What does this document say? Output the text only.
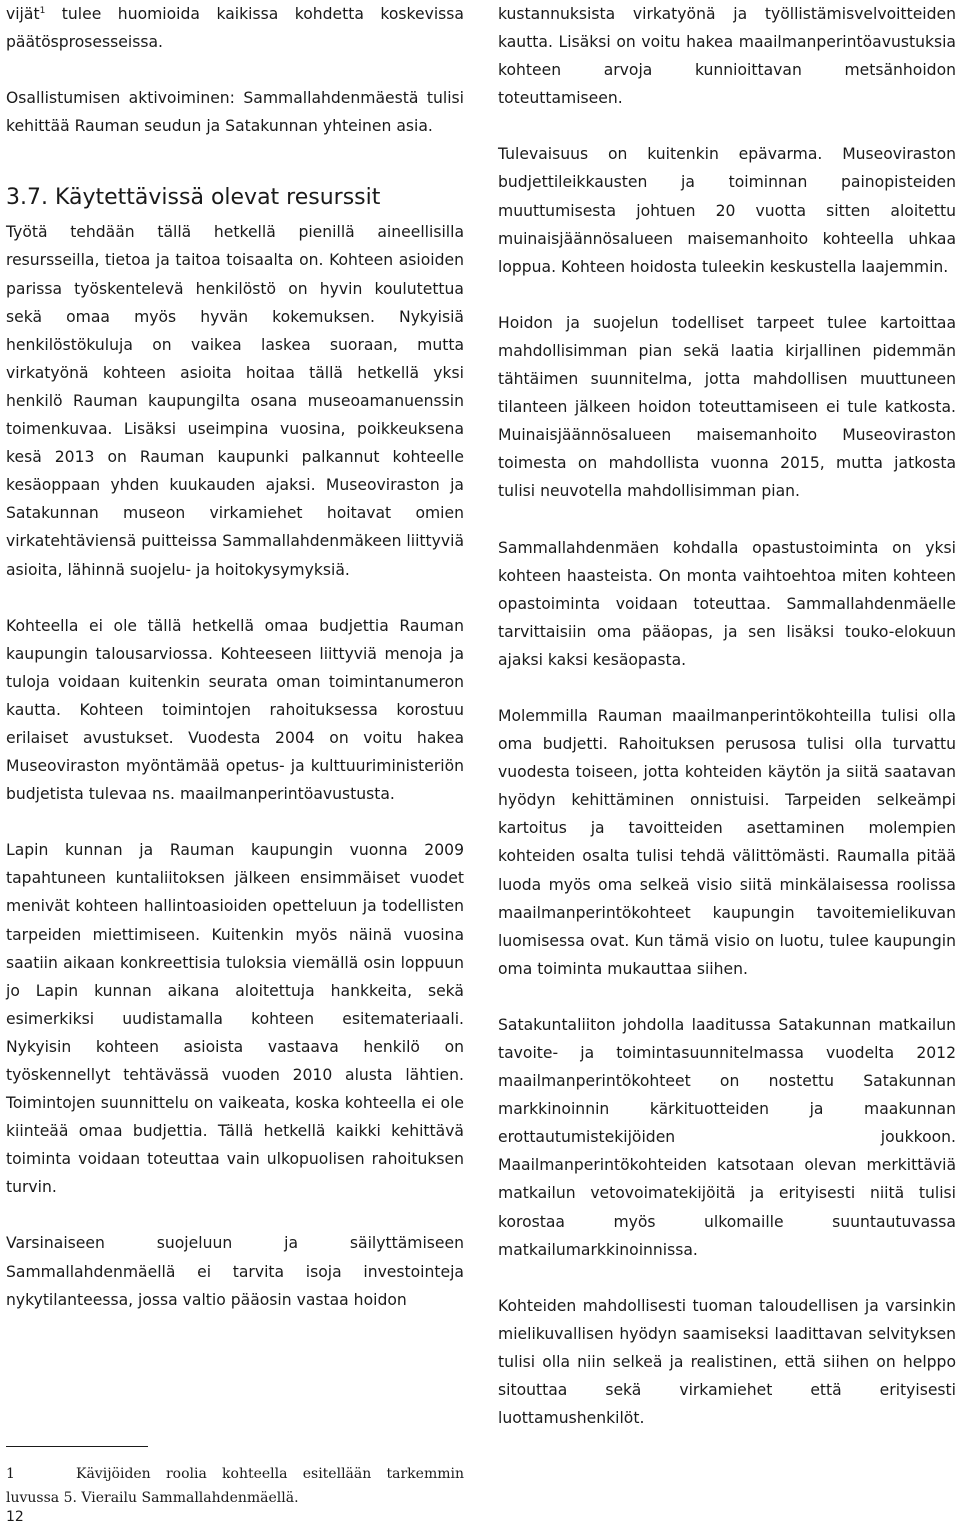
vijät$^1$ tulee huomioida kaikissa kohdetta koskevissa päätösprosesseissa.

Osallistumisen aktivoiminen: Sammallahdenmäestä tulisi kehittää Rauman seudun ja Satakunnan yhteinen asia.

3.7. Käytettävissä olevat resurssit

Työtä tehdään tällä hetkellä pienillä aineellisilla resursseilla, tietoa ja taitoa toisaalta on. Kohteen asioiden parissa työskentelevä henkilöstö on hyvin koulutettua sekä omaa myös hyvän kokemuksen. Nykyisiä henkilöstökuluja on vaikea laskea suoraan, mutta virkatyönä kohteen asioita hoitaa tällä hetkellä yksi henkilö Rauman kaupungilta osana museoamanuenssin toimenkuvaa. Lisäksi useimpina vuosina, poikkeuksena kesä 2013 on Rauman kaupunki palkannut kohteelle kesäoppaan yhden kuukauden ajaksi. Museoviraston ja Satakunnan museon virkamiehet hoitavat omien virkatehtäviensä puitteissa Sammallahdenmäkeen liittyviä asioita, lähinnä suojelu- ja hoitokysymyksiä.

Kohteella ei ole tällä hetkellä omaa budjettia Rauman kaupungin talousarviossa. Kohteeseen liittyviä menoja ja tuloja voidaan kuitenkin seurata oman toimintanumeron kautta. Kohteen toimintojen rahoituksessa korostuu erilaiset avustukset. Vuodesta 2004 on voitu hakea Museoviraston myöntämää opetus- ja kulttuuriministeriön budjetista tulevaa ns. maailmanperintöavustusta.

Lapin kunnan ja Rauman kaupungin vuonna 2009 tapahtuneen kuntaliitoksen jälkeen ensimmäiset vuodet menivät kohteen hallintoasioiden opetteluun ja todellisten tarpeiden miettimiseen. Kuitenkin myös näinä vuosina saatiin aikaan konkreettisia tuloksia viemällä osin loppuun jo Lapin kunnan aikana aloitettuja hankkeita, sekä esimerkiksi uudistamalla kohteen esitemateriaali. Nykyisin kohteen asioista vastaava henkilö on työskennellyt tehtävässä vuoden 2010 alusta lähtien. Toimintojen suunnittelu on vaikeata, koska kohteella ei ole kiinteää omaa budjettia. Tällä hetkellä kaikki kehittävä toiminta voidaan toteuttaa vain ulkopuolisen rahoituksen turvin.

Varsinaiseen suojeluun ja säilyttämiseen Sammallahdenmäellä ei tarvita isoja investointeja nykytilanteessa, jossa valtio pääosin vastaa hoidon

kustannuksista virkatyönä ja työllistämisvelvoitteiden kautta. Lisäksi on voitu hakea maailmanperintöavustuksia kohteen arvoja kunnioittavan metsänhoidon toteuttamiseen.

Tulevaisuus on kuitenkin epävarma. Museoviraston budjettileikkausten ja toiminnan painopisteiden muuttumisesta johtuen 20 vuotta sitten aloitettu muinaisjäännösalueen maisemanhoito kohteella uhkaa loppua. Kohteen hoidosta tuleekin keskustella laajemmin.

Hoidon ja suojelun todelliset tarpeet tulee kartoittaa mahdollisimman pian sekä laatia kirjallinen pidemmän tähtäimen suunnitelma, jotta mahdollisen muuttuneen tilanteen jälkeen hoidon toteuttamiseen ei tule katkosta. Muinaisjäännösalueen maisemanhoito Museoviraston toimesta on mahdollista vuonna 2015, mutta jatkosta tulisi neuvotella mahdollisimman pian.

Sammallahdenmäen kohdalla opastustoiminta on yksi kohteen haasteista. On monta vaihtoehtoa miten kohteen opastoiminta voidaan toteuttaa. Sammallahdenmäelle tarvittaisiin oma pääopas, ja sen lisäksi touko-elokuun ajaksi kaksi kesäopasta.

Molemmilla Rauman maailmanperintökohteilla tulisi olla oma budjetti. Rahoituksen perusosa tulisi olla turvattu vuodesta toiseen, jotta kohteiden käytön ja siitä saatavan hyödyn kehittäminen onnistuisi. Tarpeiden selkeämpi kartoitus ja tavoitteiden asettaminen molempien kohteiden osalta tulisi tehdä välittömästi. Raumalla pitää luoda myös oma selkeä visio siitä minkälaisessa roolissa maailmanperintökohteet kaupungin tavoitemielikuvan luomisessa ovat. Kun tämä visio on luotu, tulee kaupungin oma toiminta mukauttaa siihen.

Satakuntaliiton johdolla laaditussa Satakunnan matkailun tavoite- ja toimintasuunnitelmassa vuodelta 2012 maailmanperintökohteet on nostettu Satakunnan markkinoinnin kärkituotteiden ja maakunnan erottautumistekijöiden joukkoon. Maailmanperintökohteiden katsotaan olevan merkittäviä matkailun vetovoimatekijöitä ja erityisesti niitä tulisi korostaa myös ulkomaille suuntautuvassa matkailumarkkinoinnissa.

Kohteiden mahdollisesti tuoman taloudellisen ja varsinkin mielikuvallisen hyödyn saamiseksi laadittavan selvityksen tulisi olla niin selkeä ja realistinen, että siihen on helppo sitouttaa sekä virkamiehet että erityisesti luottamushenkilöt.

1	Kävijöiden roolia kohteella esitellään tarkemmin luvussa 5. Vierailu Sammallahdenmäellä.
12
